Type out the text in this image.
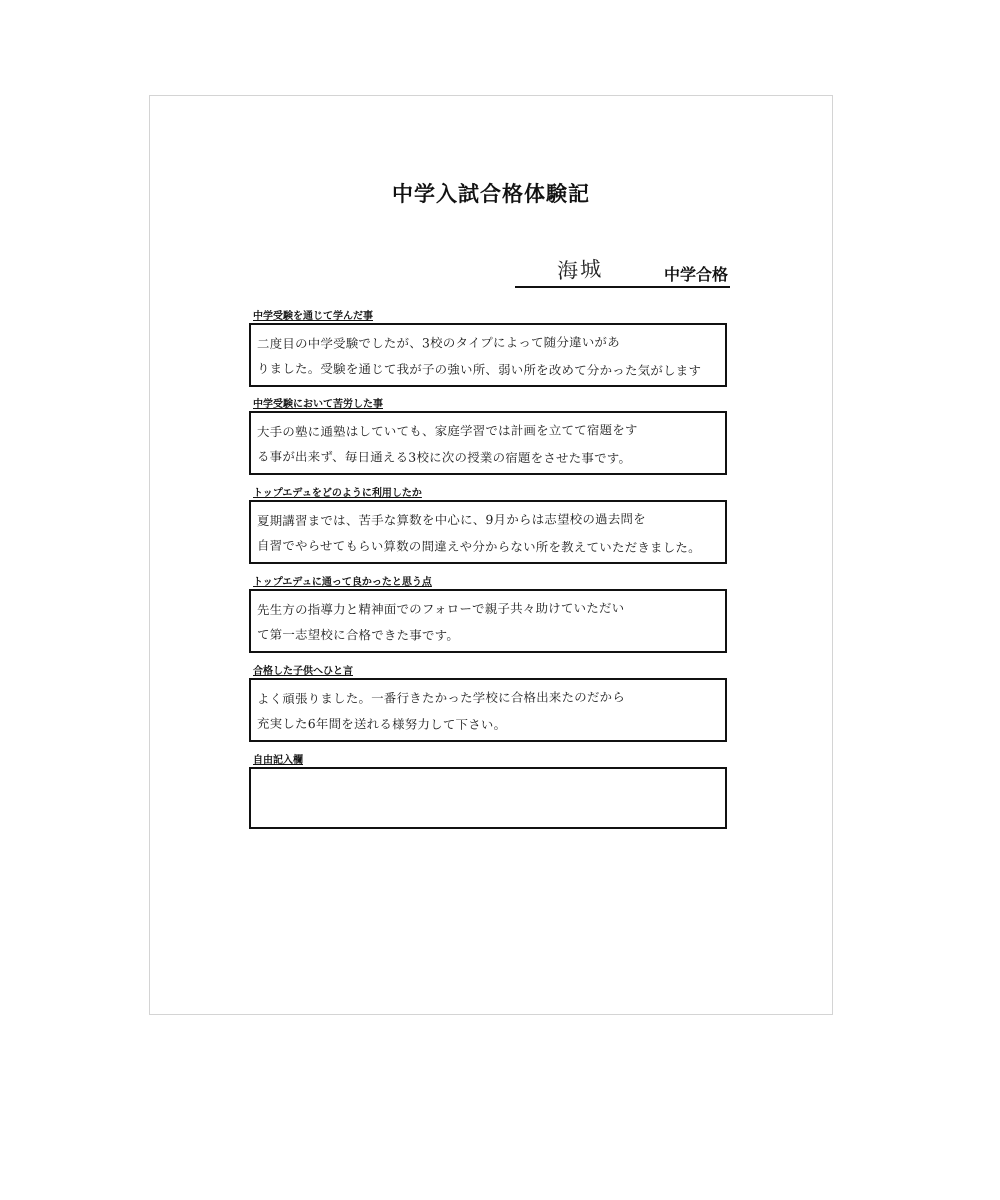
中学入試合格体験記
海城	中学合格
中学受験を通じて学んだ事
二度目の中学受験でしたが、3校のタイプによって随分違いがあ
りました。受験を通じて我が子の強い所、弱い所を改めて分かった気がします
中学受験において苦労した事
大手の塾に通塾はしていても、家庭学習では計画を立てて宿題をす
る事が出来ず、毎日通える3校に次の授業の宿題をさせた事です。
トップエデュをどのように利用したか
夏期講習までは、苦手な算数を中心に、9月からは志望校の過去問を
自習でやらせてもらい算数の間違えや分からない所を教えていただきました。
トップエデュに通って良かったと思う点
先生方の指導力と精神面でのフォローで親子共々助けていただい
て第一志望校に合格できた事です。
合格した子供へひと言
よく頑張りました。一番行きたかった学校に合格出来たのだから
充実した6年間を送れる様努力して下さい。
自由記入欄
